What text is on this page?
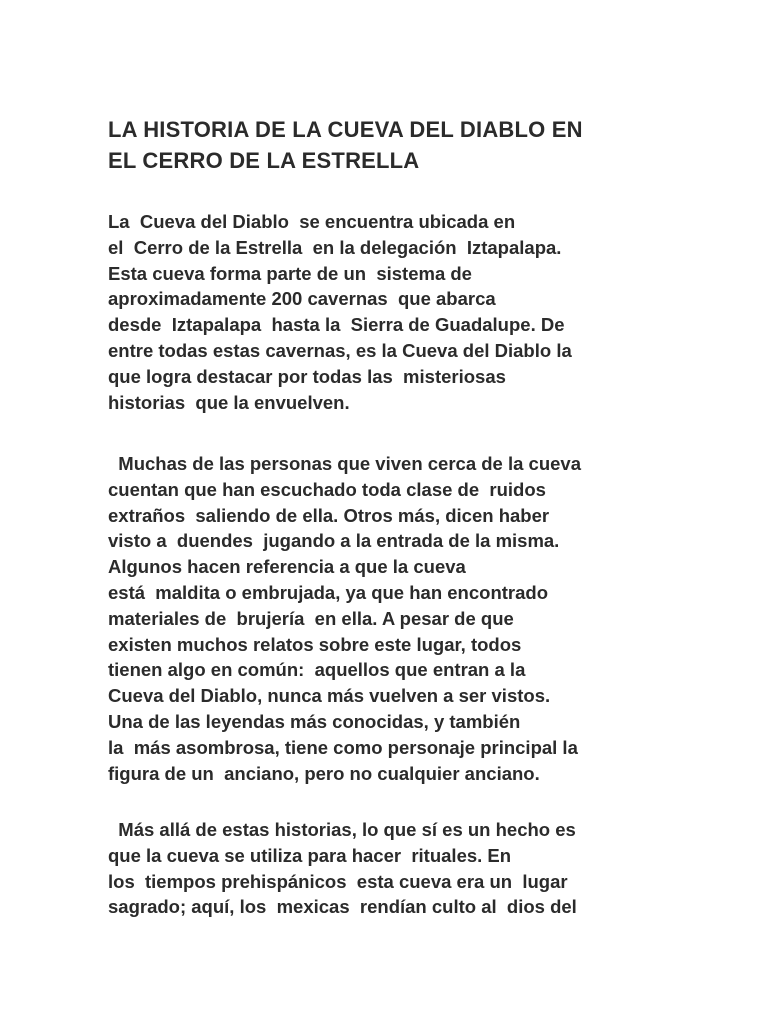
LA HISTORIA DE LA CUEVA DEL DIABLO EN
EL CERRO DE LA ESTRELLA

La  Cueva del Diablo  se encuentra ubicada en
el  Cerro de la Estrella  en la delegación  Iztapalapa.
Esta cueva forma parte de un  sistema de
aproximadamente 200 cavernas  que abarca
desde  Iztapalapa  hasta la  Sierra de Guadalupe. De
entre todas estas cavernas, es la Cueva del Diablo la
que logra destacar por todas las  misteriosas
historias  que la envuelven.

Muchas de las personas que viven cerca de la cueva
cuentan que han escuchado toda clase de  ruidos
extraños  saliendo de ella. Otros más, dicen haber
visto a  duendes  jugando a la entrada de la misma.
Algunos hacen referencia a que la cueva
está  maldita o embrujada, ya que han encontrado
materiales de  brujería  en ella. A pesar de que
existen muchos relatos sobre este lugar, todos
tienen algo en común:  aquellos que entran a la
Cueva del Diablo, nunca más vuelven a ser vistos.
Una de las leyendas más conocidas, y también
la  más asombrosa, tiene como personaje principal la
figura de un  anciano, pero no cualquier anciano.

Más allá de estas historias, lo que sí es un hecho es
que la cueva se utiliza para hacer  rituales. En
los  tiempos prehispánicos  esta cueva era un  lugar
sagrado; aquí, los  mexicas  rendían culto al  dios del
